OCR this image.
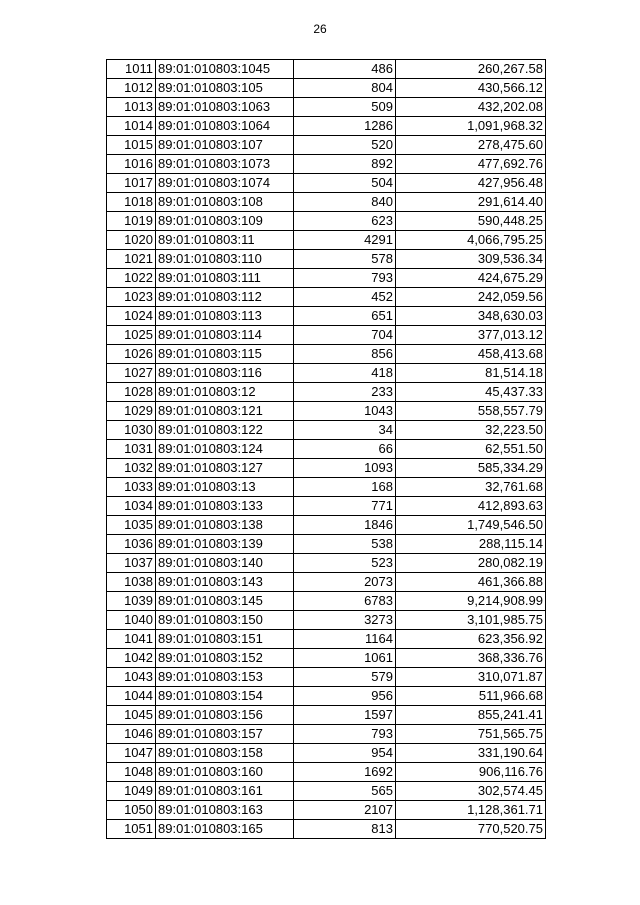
26
1011	89:01:010803:1045	486	260,267.58
1012	89:01:010803:105	804	430,566.12
1013	89:01:010803:1063	509	432,202.08
1014	89:01:010803:1064	1286	1,091,968.32
1015	89:01:010803:107	520	278,475.60
1016	89:01:010803:1073	892	477,692.76
1017	89:01:010803:1074	504	427,956.48
1018	89:01:010803:108	840	291,614.40
1019	89:01:010803:109	623	590,448.25
1020	89:01:010803:11	4291	4,066,795.25
1021	89:01:010803:110	578	309,536.34
1022	89:01:010803:111	793	424,675.29
1023	89:01:010803:112	452	242,059.56
1024	89:01:010803:113	651	348,630.03
1025	89:01:010803:114	704	377,013.12
1026	89:01:010803:115	856	458,413.68
1027	89:01:010803:116	418	81,514.18
1028	89:01:010803:12	233	45,437.33
1029	89:01:010803:121	1043	558,557.79
1030	89:01:010803:122	34	32,223.50
1031	89:01:010803:124	66	62,551.50
1032	89:01:010803:127	1093	585,334.29
1033	89:01:010803:13	168	32,761.68
1034	89:01:010803:133	771	412,893.63
1035	89:01:010803:138	1846	1,749,546.50
1036	89:01:010803:139	538	288,115.14
1037	89:01:010803:140	523	280,082.19
1038	89:01:010803:143	2073	461,366.88
1039	89:01:010803:145	6783	9,214,908.99
1040	89:01:010803:150	3273	3,101,985.75
1041	89:01:010803:151	1164	623,356.92
1042	89:01:010803:152	1061	368,336.76
1043	89:01:010803:153	579	310,071.87
1044	89:01:010803:154	956	511,966.68
1045	89:01:010803:156	1597	855,241.41
1046	89:01:010803:157	793	751,565.75
1047	89:01:010803:158	954	331,190.64
1048	89:01:010803:160	1692	906,116.76
1049	89:01:010803:161	565	302,574.45
1050	89:01:010803:163	2107	1,128,361.71
1051	89:01:010803:165	813	770,520.75
